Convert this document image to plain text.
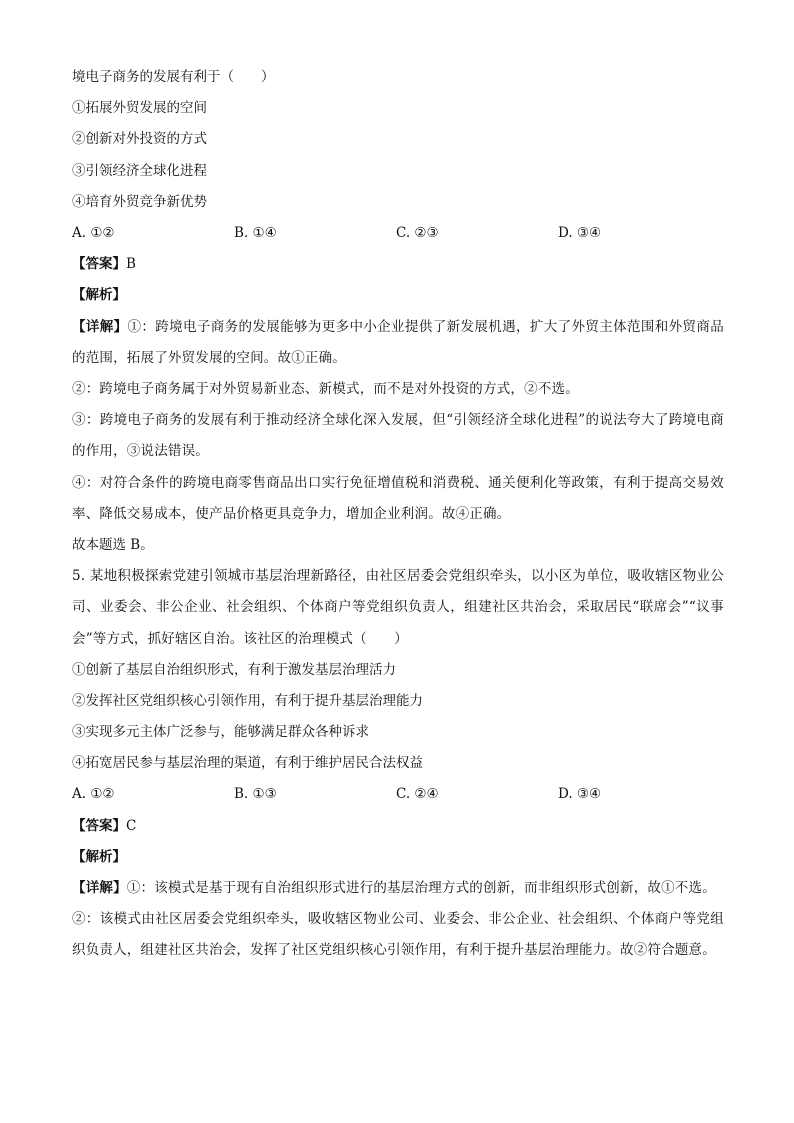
境电子商务的发展有利于（　　）
①拓展外贸发展的空间
②创新对外投资的方式
③引领经济全球化进程
④培育外贸竞争新优势
A. ①②	B. ①④	C. ②③	D. ③④
【答案】B
【解析】
【详解】①：跨境电子商务的发展能够为更多中小企业提供了新发展机遇，扩大了外贸主体范围和外贸商品的范围，拓展了外贸发展的空间。故①正确。
②：跨境电子商务属于对外贸易新业态、新模式，而不是对外投资的方式，②不选。
③：跨境电子商务的发展有利于推动经济全球化深入发展，但“引领经济全球化进程”的说法夸大了跨境电商的作用，③说法错误。
④：对符合条件的跨境电商零售商品出口实行免征增值税和消费税、通关便利化等政策，有利于提高交易效率、降低交易成本，使产品价格更具竞争力，增加企业利润。故④正确。
故本题选 B。
5. 某地积极探索党建引领城市基层治理新路径，由社区居委会党组织牵头，以小区为单位，吸收辖区物业公司、业委会、非公企业、社会组织、个体商户等党组织负责人，组建社区共治会，采取居民“联席会”“议事会”等方式，抓好辖区自治。该社区的治理模式（　　）
①创新了基层自治组织形式，有利于激发基层治理活力
②发挥社区党组织核心引领作用，有利于提升基层治理能力
③实现多元主体广泛参与，能够满足群众各种诉求
④拓宽居民参与基层治理的渠道，有利于维护居民合法权益
A. ①②	B. ①③	C. ②④	D. ③④
【答案】C
【解析】
【详解】①：该模式是基于现有自治组织形式进行的基层治理方式的创新，而非组织形式创新，故①不选。
②：该模式由社区居委会党组织牵头，吸收辖区物业公司、业委会、非公企业、社会组织、个体商户等党组织负责人，组建社区共治会，发挥了社区党组织核心引领作用，有利于提升基层治理能力。故②符合题意。
